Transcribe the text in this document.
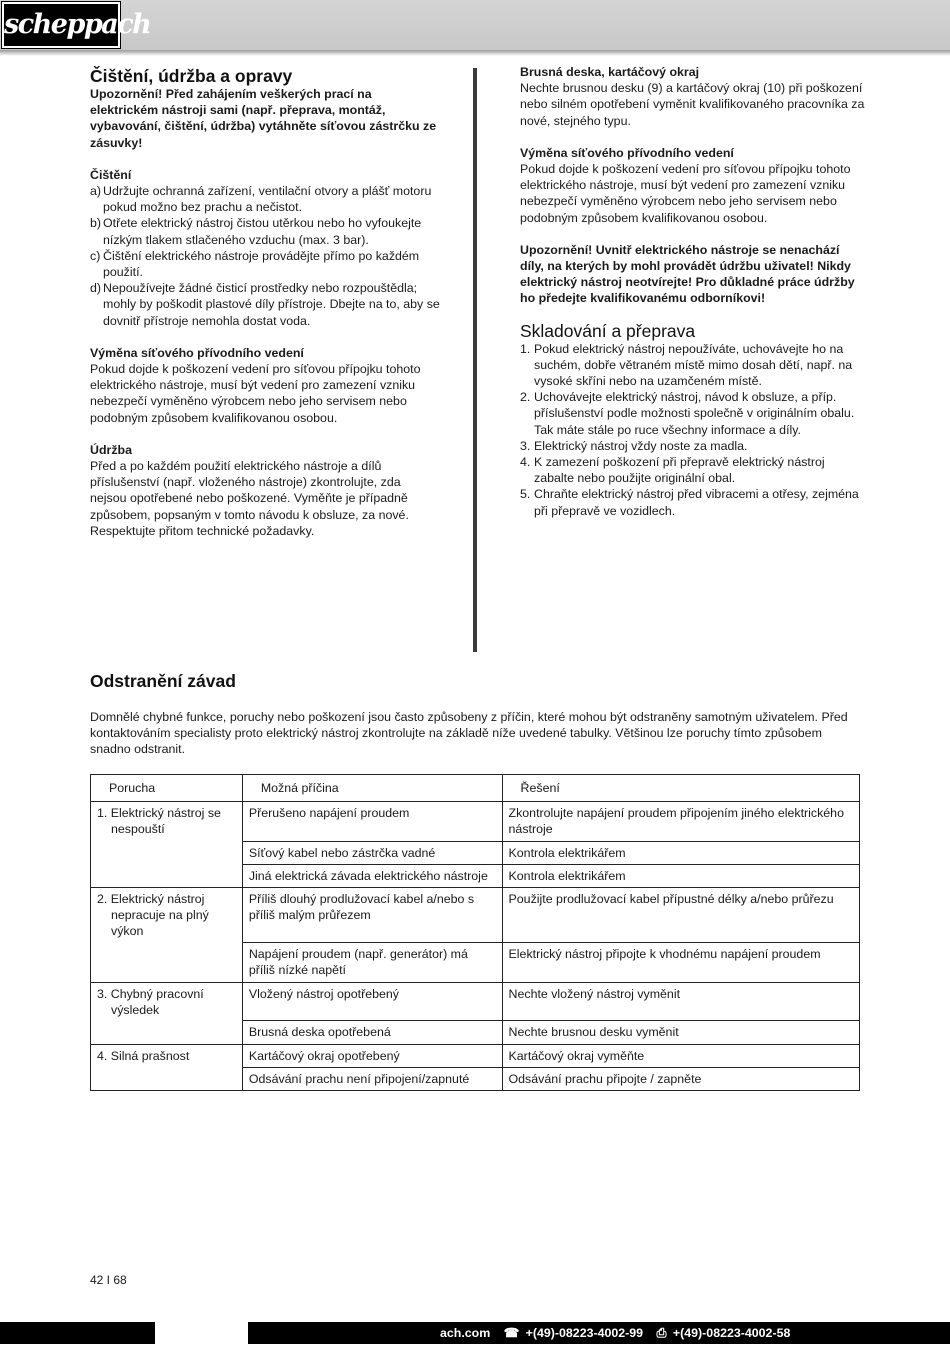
scheppach
Čištění, údržba a opravy

Upozornění! Před zahájením veškerých prací na elektrickém nástroji sami (např. přeprava, montáž, vybavování, čištění, údržba) vytáhněte síťovou zástrčku ze zásuvky!

Čištění
a) Udržujte ochranná zařízení, ventilační otvory a plášť motoru pokud možno bez prachu a nečistot.
b) Otřete elektrický nástroj čistou utěrkou nebo ho vyfoukejte nízkým tlakem stlačeného vzduchu (max. 3 bar).
c) Čištění elektrického nástroje provádějte přímo po každém použití.
d) Nepoužívejte žádné čisticí prostředky nebo rozpouštědla; mohly by poškodit plastové díly přístroje. Dbejte na to, aby se dovnitř přístroje nemohla dostat voda.
Výměna síťového přívodního vedení

Pokud dojde k poškození vedení pro síťovou přípojku tohoto elektrického nástroje, musí být vedení pro zamezení vzniku nebezpečí vyměněno výrobcem nebo jeho servisem nebo podobným způsobem kvalifikovanou osobou.

Údržba

Před a po každém použití elektrického nástroje a dílů příslušenství (např. vloženého nástroje) zkontrolujte, zda nejsou opotřebené nebo poškozené. Vyměňte je případně způsobem, popsaným v tomto návodu k obsluze, za nové. Respektujte přitom technické požadavky.

Brusná deska, kartáčový okraj

Nechte brusnou desku (9) a kartáčový okraj (10) při poškození nebo silném opotřebení vyměnit kvalifikovaného pracovníka za nové, stejného typu.

Výměna síťového přívodního vedení

Pokud dojde k poškození vedení pro síťovou přípojku tohoto elektrického nástroje, musí být vedení pro zamezení vzniku nebezpečí vyměněno výrobcem nebo jeho servisem nebo podobným způsobem kvalifikovanou osobou.

Upozornění! Uvnitř elektrického nástroje se nenachází díly, na kterých by mohl provádět údržbu uživatel! Nikdy elektrický nástroj neotvírejte! Pro důkladné práce údržby ho předejte kvalifikovanému odborníkovi!

Skladování a přeprava
1. Pokud elektrický nástroj nepoužíváte, uchovávejte ho na suchém, dobře větraném místě mimo dosah dětí, např. na vysoké skříni nebo na uzamčeném místě.
2. Uchovávejte elektrický nástroj, návod k obsluze, a příp. příslušenství podle možnosti společně v originálním obalu. Tak máte stále po ruce všechny informace a díly.
3. Elektrický nástroj vždy noste za madla.
4. K zamezení poškození při přepravě elektrický nástroj zabalte nebo použijte originální obal.
5. Chraňte elektrický nástroj před vibracemi a otřesy, zejména při přepravě ve vozidlech.
Odstranění závad

Domnělé chybné funkce, poruchy nebo poškození jsou často způsobeny z příčin, které mohou být odstraněny samotným uživatelem. Před kontaktováním specialisty proto elektrický nástroj zkontrolujte na základě níže uvedené tabulky. Většinou lze poruchy tímto způsobem snadno odstranit.

Porucha	Možná příčina	Řešení
1. Elektrický nástroj se nespouští	Přerušeno napájení proudem	Zkontrolujte napájení proudem připojením jiného elektrického nástroje
	Síťový kabel nebo zástrčka vadné	Kontrola elektrikářem
	Jiná elektrická závada elektrického nástroje	Kontrola elektrikářem
2. Elektrický nástroj nepracuje na plný výkon	Příliš dlouhý prodlužovací kabel a/nebo s příliš malým průřezem	Použijte prodlužovací kabel přípustné délky a/nebo průřezu
	Napájení proudem (např. generátor) má příliš nízké napětí	Elektrický nástroj připojte k vhodnému napájení proudem
3. Chybný pracovní výsledek	Vložený nástroj opotřebený	Nechte vložený nástroj vyměnit
	Brusná deska opotřebená	Nechte brusnou desku vyměnit
4. Silná prašnost	Kartáčový okraj opotřebený	Kartáčový okraj vyměňte
	Odsávání prachu není připojení/zapnuté	Odsávání prachu připojte / zapněte
42 I 68
ach.com ☎ +(49)-08223-4002-99 ⎙ +(49)-08223-4002-58
